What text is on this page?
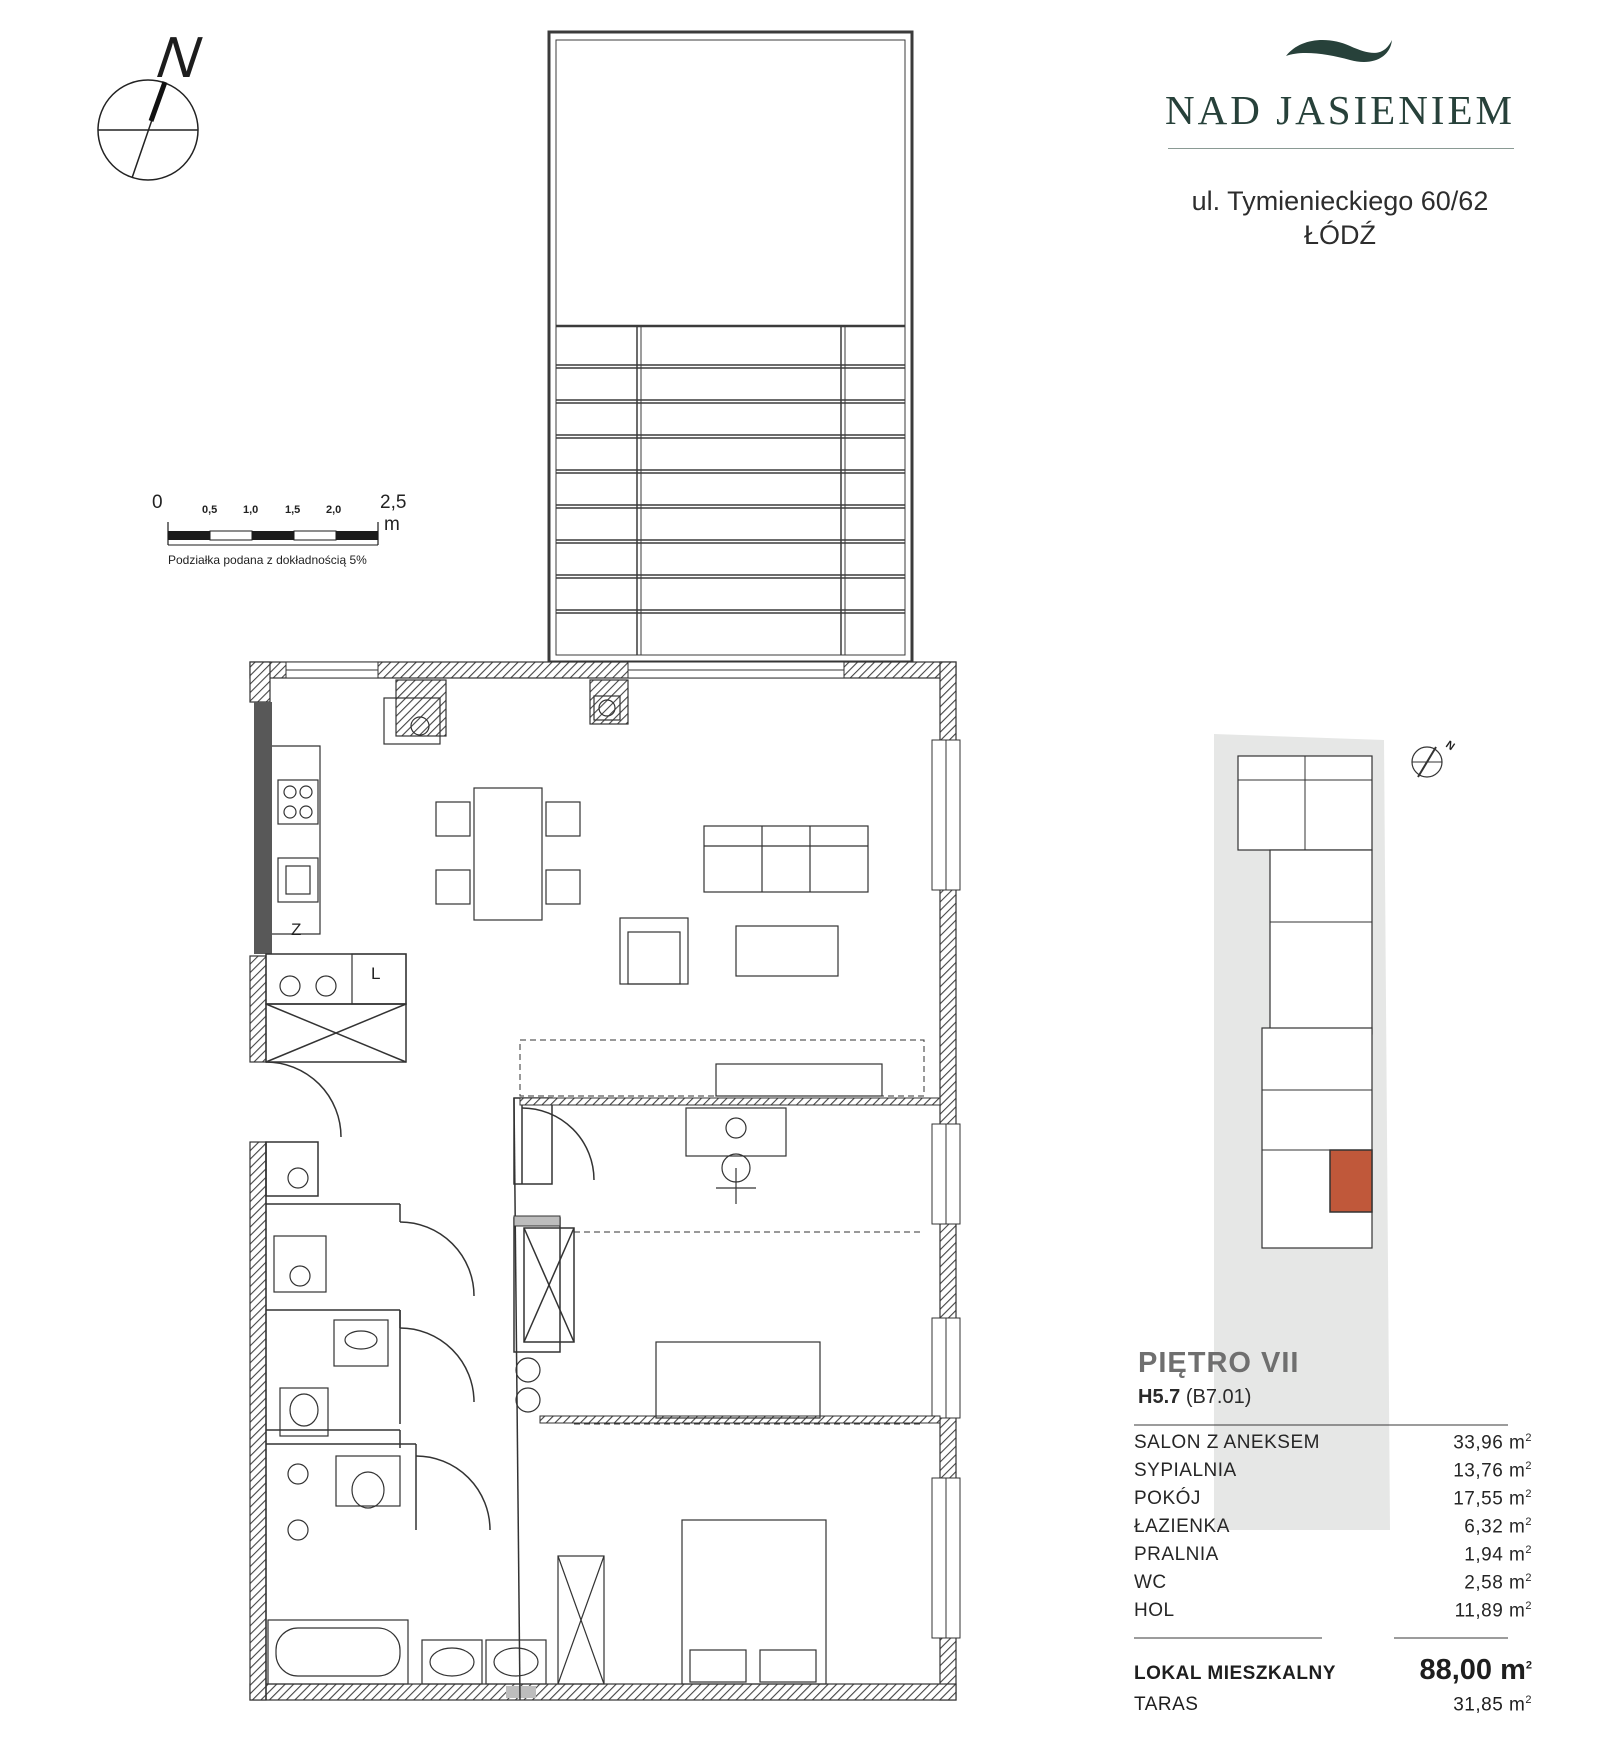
N
N
NAD JASIENIEM
ul. Tymienieckiego 60/62
ŁÓDŹ
0	0,5 1,0 1,5 2,0 2,5
m
Podziałka podana z dokładnością 5%
Z
L
PIĘTRO VII
H5.7 (B7.01)
SALON Z ANEKSEM	33,96 $m^2$
SYPIALNIA	13,76 $m^2$
POKÓJ	17,55 $m^2$
ŁAZIENKA	6,32 $m^2$
PRALNIA	1,94 $m^2$
WC	2,58 $m^2$
HOL	11,89 $m^2$
LOKAL MIESZKALNY	88,00 $m^2$
TARAS	31,85 $m^2$
